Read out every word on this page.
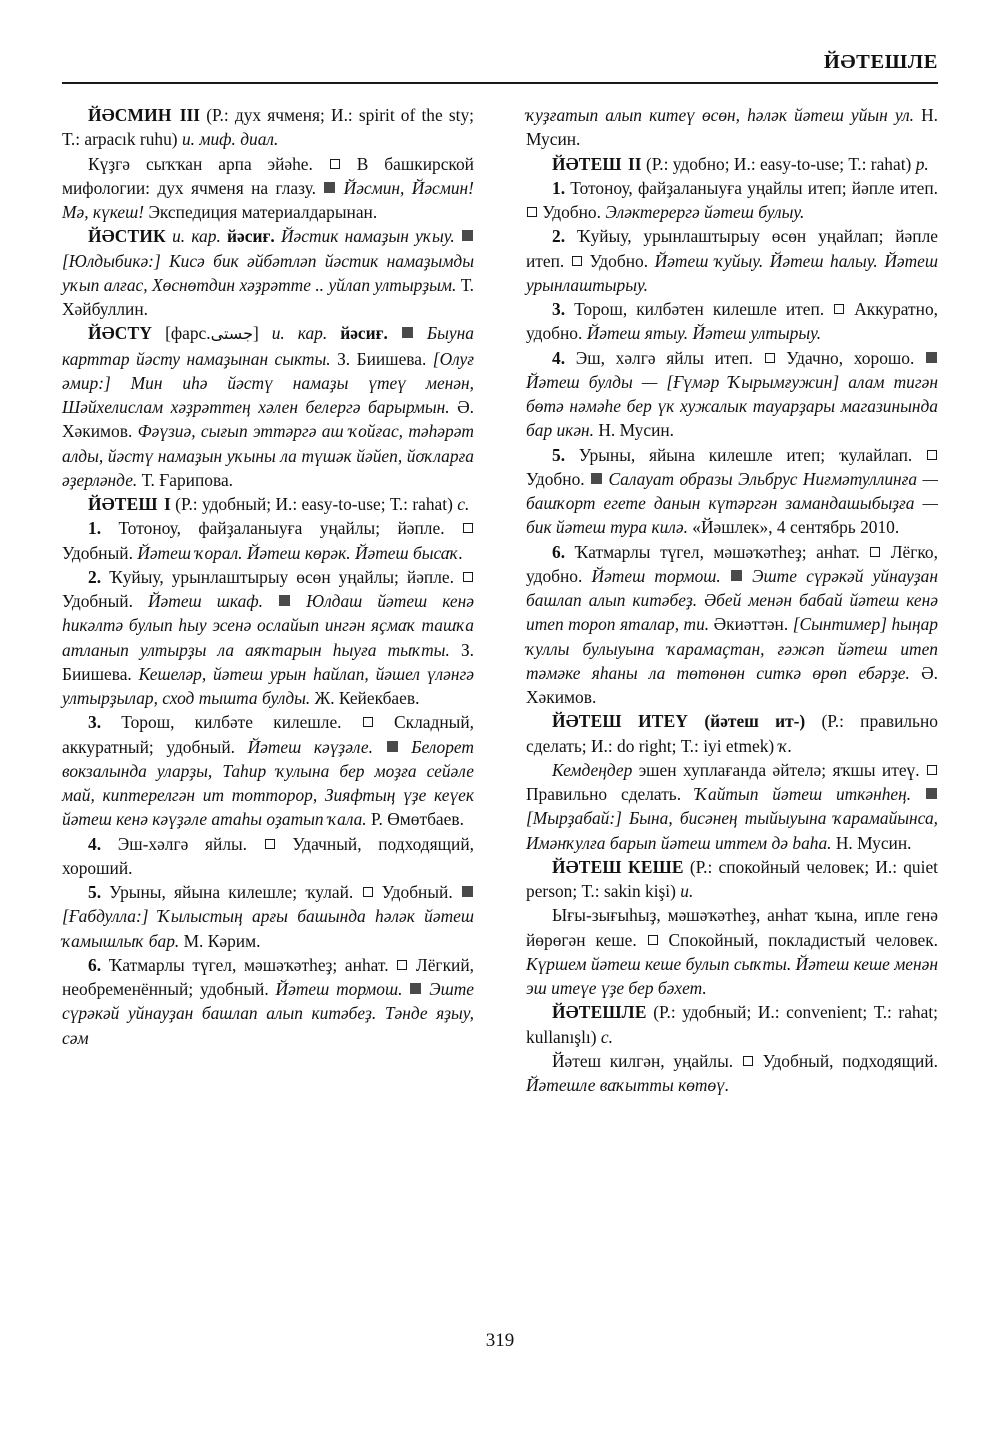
ЙӘТЕШЛЕ

ЙӘСМИН III (Р.: дух ячменя; И.: spirit of the sty; Т.: arpacık ruhu) и. миф. диал.

Күҙгә сыҡҡан арпа эйәһе.	В башкирской мифологии: дух ячменя на глазу. Йәсмин, Йәсмин! Мә, күкеш! Экспедиция материалдарынан.

ЙӘСТИК и. кар. йәсиғ. Йәстик намаҙын уҡыу.  [Юлдыбикә:] Кисә бик әйбәтләп йәстик намаҙымды уҡып алғас, Хөснөтдин хәҙрәтте .. уйлап ултырҙым. Т. Хәйбуллин.

ЙӘСТҮ [фарс.جستى] и. кар. йәсиғ. Быуна карттар йәсту намаҙынан сыкты. З. Биишева. [Олуғ әмир:] Мин иһә йәстү намаҙы үтеү менән, Шәйхелислам хәҙрәттең хәлен белергә барырмын. Ә. Хәкимов. Фәүзиә, сығып эттәргә аш ҡойғас, тәһәрәт алды, йәстү намаҙын уҡыны ла түшәк йәйеп, йоҡларға әҙерләнде. Т. Ғарипова.

ЙӘТЕШ I (Р.: удобный; И.: easy-to-use; Т.: rahat) с.

1. Тотоноу, файҙаланыуға уңайлы; йәпле.  Удобный. Йәтеш ҡорал. Йәтеш көрәк. Йәтеш бысаҡ.

2. Ҡуйыу, урынлаштырыу өсөн уңайлы; йәпле.  Удобный. Йәтеш шкаф. Юлдаш йәтеш кенә һикәлтә булып һыу эсенә ослайып ингән яҫмаҡ ташҡа атланып ултырҙы ла аяҡтарын һыуға тыҡты. З. Биишева. Кешеләр, йәтеш урын һайлап, йәшел үләнгә ултырҙылар, сход тышта булды. Ж. Кейекбаев.

3. Торош, килбәте килешле.	Складный, аккуратный; удобный. Йәтеш кәүҙәле. Белорет вокзалында уларҙы, Таһир ҡулына бер моҙға сейәле май, киптерелгән ит тотторop, Зияфтың үҙе кеүек йәтеш кенә кәүҙәле атаһы оҙатып ҡала. Р. Өмөтбаев.

4. Эш-хәлгә яйлы.	Удачный, подходящий, хороший.

5. Урыны, яйына килешле; ҡулай. Удобный.  [Ғабдулла:] Ҡылыстың арғы башында һәләк йәтеш ҡамышлыҡ бар. М. Кәрим.

6. Ҡатмарлы түгел, мәшәҡәтһеҙ; анһат. Лёгкий, необременённый; удобный. Йәтеш тормош. Эште сүрәкәй уйнауҙан башлап алып китәбеҙ. Тәнде яҙыу, сәм

ҡуҙғатып алып китеү өсөн, һәләк йәтеш уйын ул. Н. Мусин.

ЙӘТЕШ II (Р.: удобно; И.: easy-to-use; Т.: rahat) р.

1. Тотоноу, файҙаланыуға уңайлы итеп; йәпле итеп.  Удобно. Эләктерергә йәтеш булыу.

2. Ҡуйыу, урынлаштырыу өсөн уңайлап; йәпле итеп. Удобно. Йәтеш ҡуйыу. Йәтеш һалыу. Йәтеш урынлаштырыу.

3. Торош, килбәтен килешле итеп. Аккуратно, удобно. Йәтеш ятыу. Йәтеш ултырыу.

4. Эш, хәлгә яйлы итеп. Удачно, хорошо.  Йәтеш булды — [Ғүмәр Ҡырымғужин] алам тигән бөтә нәмәһе бер үк хужалык тауарҙары магазинында бар икән. Н. Мусин.

5. Урыны, яйына килешле итеп; ҡулайлап.  Удобно. Салауат образы Эльбрус Ниғмәтуллинға — башҡорт егете данын күтәргән замандашыбыҙға — бик йәтеш тура килә. «Йәшлек», 4 сентябрь 2010.

6. Ҡатмарлы түгел, мәшәҡәтһеҙ; анһат. Лёгко, удобно. Йәтеш тормош. Эште сүрәкәй уйнауҙан башлап алып китәбеҙ. Әбей менән бабай йәтеш кенә итеп тороп яталар, ти. Әкиәттән. [Сынтимер] һыңар ҡуллы булыуына ҡарамаҫтан, ғәжәп йәтеш итеп тәмәке яһаны ла төтөнөн ситкә өрөп ебәрҙе. Ә. Хәкимов.

ЙӘТЕШ ИТЕҮ (йәтеш ит-) (Р.: правильно сделать; И.: do right; Т.: iyi etmek) ҡ.

Кемдеңдер эшен хуплағанда әйтелә; яҡшы итеү.  Правильно сделать. Ҡайтып йәтеш иткәнһең.  [Мырҙабай:] Бына, бисәнең тыйыуына ҡарамайынса, Имәнҡулға барып йәтеш иттем дә baha. Н. Мусин.

ЙӘТЕШ КЕШЕ (Р.: спокойный человек; И.: quiet person; Т.: sakin kişi) и.

Ығы-зығыһыҙ, мәшәҡәтһеҙ, анһат ҡына, ипле генә йөрөгән кеше. Спокойный, покладистый человек. Күршем йәтеш кеше булып сыҡты. Йәтеш кеше менән эш итеүе үҙе бер бәхет.

ЙӘТЕШЛЕ (Р.: удобный; И.: convenient; Т.: rahat; kullanışlı) с.

Йәтеш килгән, уңайлы. Удобный, подходящий. Йәтешле ваҡытты көтөү.

319
